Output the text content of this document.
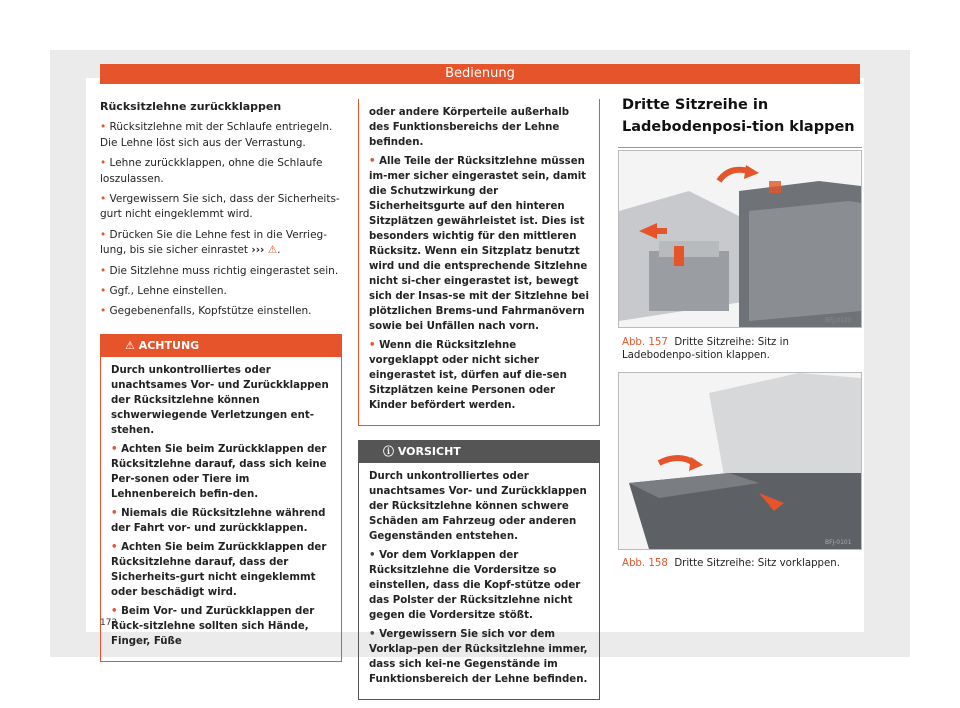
Bedienung

Rücksitzlehne zurückklappen

• Rücksitzlehne mit der Schlaufe entriegeln. Die Lehne löst sich aus der Verrastung.

• Lehne zurückklappen, ohne die Schlaufe loszulassen.

• Vergewissern Sie sich, dass der Sicherheits-gurt nicht eingeklemmt wird.

• Drücken Sie die Lehne fest in die Verrieg-lung, bis sie sicher einrastet ››› ⚠.

• Die Sitzlehne muss richtig eingerastet sein.

• Ggf., Lehne einstellen.

• Gegebenenfalls, Kopfstütze einstellen.

⚠ ACHTUNG

Durch unkontrolliertes oder unachtsames Vor- und Zurückklappen der Rücksitzlehne können schwerwiegende Verletzungen ent-stehen.

• Achten Sie beim Zurückklappen der Rücksitzlehne darauf, dass sich keine Per-sonen oder Tiere im Lehnenbereich befin-den.

• Niemals die Rücksitzlehne während der Fahrt vor- und zurückklappen.

• Achten Sie beim Zurückklappen der Rücksitzlehne darauf, dass der Sicherheits-gurt nicht eingeklemmt oder beschädigt wird.

• Beim Vor- und Zurückklappen der Rück-sitzlehne sollten sich Hände, Finger, Füße

oder andere Körperteile außerhalb des Funktionsbereichs der Lehne befinden.

• Alle Teile der Rücksitzlehne müssen im-mer sicher eingerastet sein, damit die Schutzwirkung der Sicherheitsgurte auf den hinteren Sitzplätzen gewährleistet ist. Dies ist besonders wichtig für den mittleren Rücksitz. Wenn ein Sitzplatz benutzt wird und die entsprechende Sitzlehne nicht si-cher eingerastet ist, bewegt sich der Insas-se mit der Sitzlehne bei plötzlichen Brems-und Fahrmanövern sowie bei Unfällen nach vorn.

• Wenn die Rücksitzlehne vorgeklappt oder nicht sicher eingerastet ist, dürfen auf die-sen Sitzplätzen keine Personen oder Kinder befördert werden.

ⓘ VORSICHT

Durch unkontrolliertes oder unachtsames Vor- und Zurückklappen der Rücksitzlehne können schwere Schäden am Fahrzeug oder anderen Gegenständen entstehen.

• Vor dem Vorklappen der Rücksitzlehne die Vordersitze so einstellen, dass die Kopf-stütze oder das Polster der Rücksitzlehne nicht gegen die Vordersitze stößt.

• Vergewissern Sie sich vor dem Vorklap-pen der Rücksitzlehne immer, dass sich kei-ne Gegenstände im Funktionsbereich der Lehne befinden.

Dritte Sitzreihe in Ladebodenposi-tion klappen
BFJ-0100
Abb. 157 Dritte Sitzreihe: Sitz in Ladebodenpo-sition klappen.
BFJ-0101
Abb. 158 Dritte Sitzreihe: Sitz vorklappen.
172
